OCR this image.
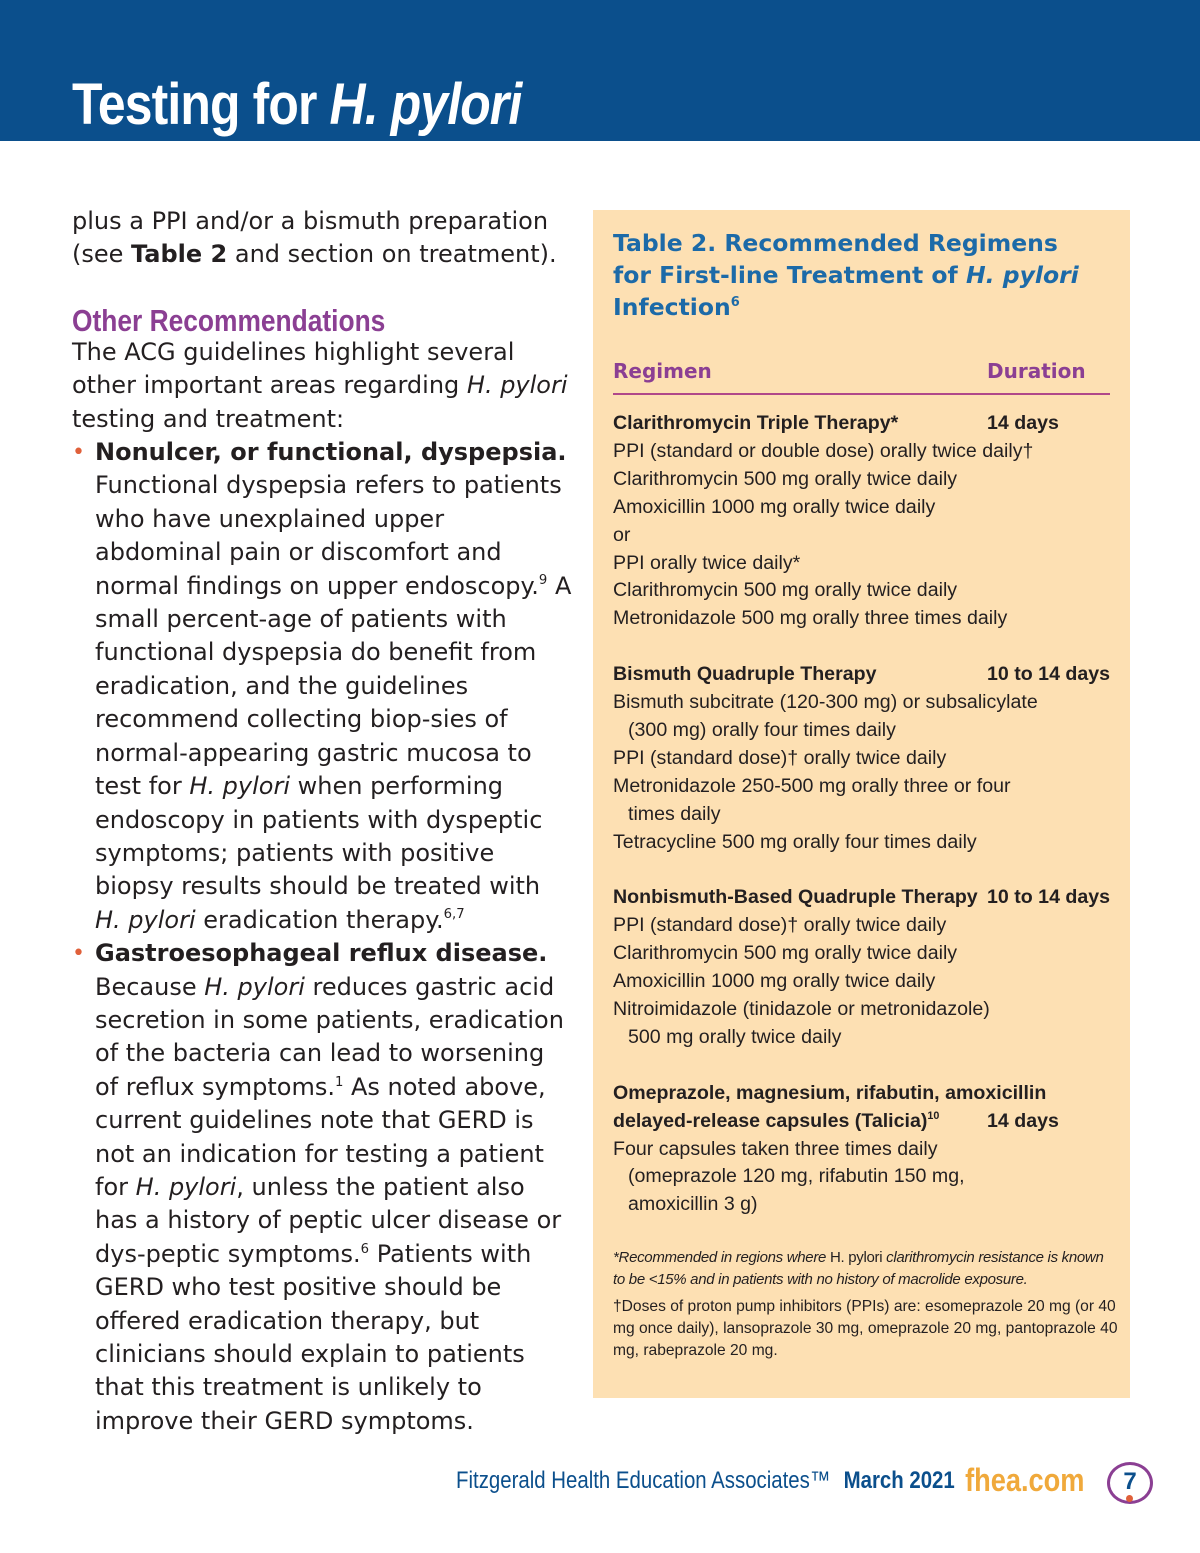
Testing for H. pylori

plus a PPI and/or a bismuth preparation (see Table 2 and section on treatment).

Other Recommendations

The ACG guidelines highlight several other important areas regarding H. pylori testing and treatment:

• Nonulcer, or functional, dyspepsia. Functional dyspepsia refers to patients who have unexplained upper abdominal pain or discomfort and normal findings on upper endoscopy.$^9$ A small percent-age of patients with functional dyspepsia do benefit from eradication, and the guidelines recommend collecting biop-sies of normal-appearing gastric mucosa to test for H. pylori when performing endoscopy in patients with dyspeptic symptoms; patients with positive biopsy results should be treated with H. pylori eradication therapy.$^{6,7}$
• Gastroesophageal reflux disease. Because H. pylori reduces gastric acid secretion in some patients, eradication of the bacteria can lead to worsening of reflux symptoms.$^1$ As noted above, current guidelines note that GERD is not an indication for testing a patient for H. pylori, unless the patient also has a history of peptic ulcer disease or dys-peptic symptoms.$^6$ Patients with GERD who test positive should be offered eradication therapy, but clinicians should explain to patients that this treatment is unlikely to improve their GERD symptoms.
Table 2. Recommended Regimens for First-line Treatment of H. pylori Infection$^6$
Regimen	Duration
Clarithromycin Triple Therapy*	14 days
PPI (standard or double dose) orally twice daily†
Clarithromycin 500 mg orally twice daily
Amoxicillin 1000 mg orally twice daily
or
PPI orally twice daily*
Clarithromycin 500 mg orally twice daily
Metronidazole 500 mg orally three times daily
Bismuth Quadruple Therapy	10 to 14 days
Bismuth subcitrate (120-300 mg) or subsalicylate
(300 mg) orally four times daily
PPI (standard dose)† orally twice daily
Metronidazole 250-500 mg orally three or four
times daily
Tetracycline 500 mg orally four times daily
Nonbismuth-Based Quadruple Therapy 10 to 14 days
PPI (standard dose)† orally twice daily
Clarithromycin 500 mg orally twice daily
Amoxicillin 1000 mg orally twice daily
Nitroimidazole (tinidazole or metronidazole)
500 mg orally twice daily
Omeprazole, magnesium, rifabutin, amoxicillin
delayed-release capsules (Talicia)$^{10}$ 14 days
Four capsules taken three times daily
(omeprazole 120 mg, rifabutin 150 mg,
amoxicillin 3 g)

*Recommended in regions where H. pylori clarithromycin resistance is known to be <15% and in patients with no history of macrolide exposure.

†Doses of proton pump inhibitors (PPIs) are: esomeprazole 20 mg (or 40 mg once daily), lansoprazole 30 mg, omeprazole 20 mg, pantoprazole 40 mg, rabeprazole 20 mg.

Fitzgerald Health Education Associates™ March 2021 fhea.com	7
